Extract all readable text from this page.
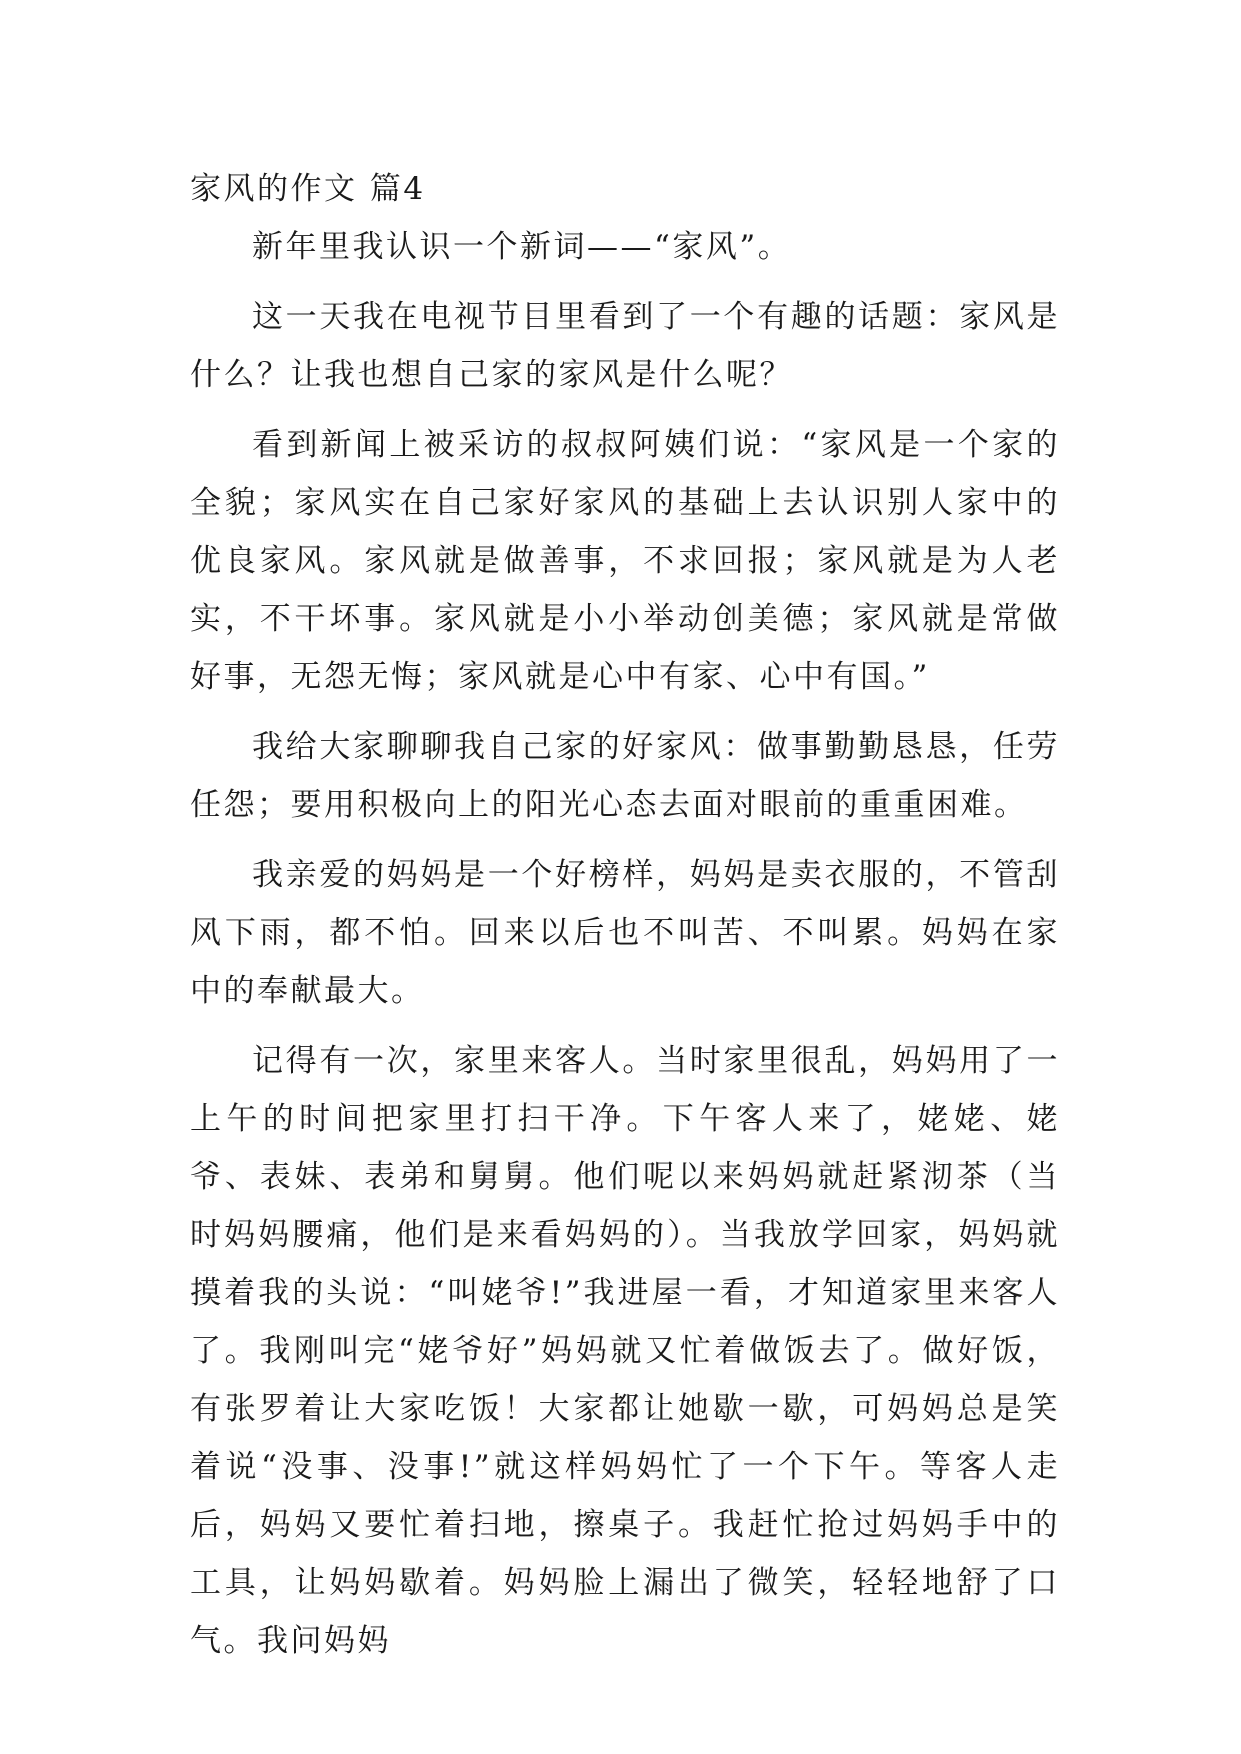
家风的作文 篇4

新年里我认识一个新词——“家风”。

这一天我在电视节目里看到了一个有趣的话题：家风是什么？让我也想自己家的家风是什么呢？

看到新闻上被采访的叔叔阿姨们说：“家风是一个家的全貌；家风实在自己家好家风的基础上去认识别人家中的优良家风。家风就是做善事，不求回报；家风就是为人老实，不干坏事。家风就是小小举动创美德；家风就是常做好事，无怨无悔；家风就是心中有家、心中有国。”

我给大家聊聊我自己家的好家风：做事勤勤恳恳，任劳任怨；要用积极向上的阳光心态去面对眼前的重重困难。

我亲爱的妈妈是一个好榜样，妈妈是卖衣服的，不管刮风下雨，都不怕。回来以后也不叫苦、不叫累。妈妈在家中的奉献最大。

记得有一次，家里来客人。当时家里很乱，妈妈用了一上午的时间把家里打扫干净。下午客人来了，姥姥、姥爷、表妹、表弟和舅舅。他们呢以来妈妈就赶紧沏茶（当时妈妈腰痛，他们是来看妈妈的）。当我放学回家，妈妈就摸着我的头说：“叫姥爷!”我进屋一看，才知道家里来客人了。我刚叫完“姥爷好”妈妈就又忙着做饭去了。做好饭，有张罗着让大家吃饭！大家都让她歇一歇，可妈妈总是笑着说“没事、没事!”就这样妈妈忙了一个下午。等客人走后，妈妈又要忙着扫地，擦桌子。我赶忙抢过妈妈手中的工具，让妈妈歇着。妈妈脸上漏出了微笑，轻轻地舒了口气。我问妈妈
